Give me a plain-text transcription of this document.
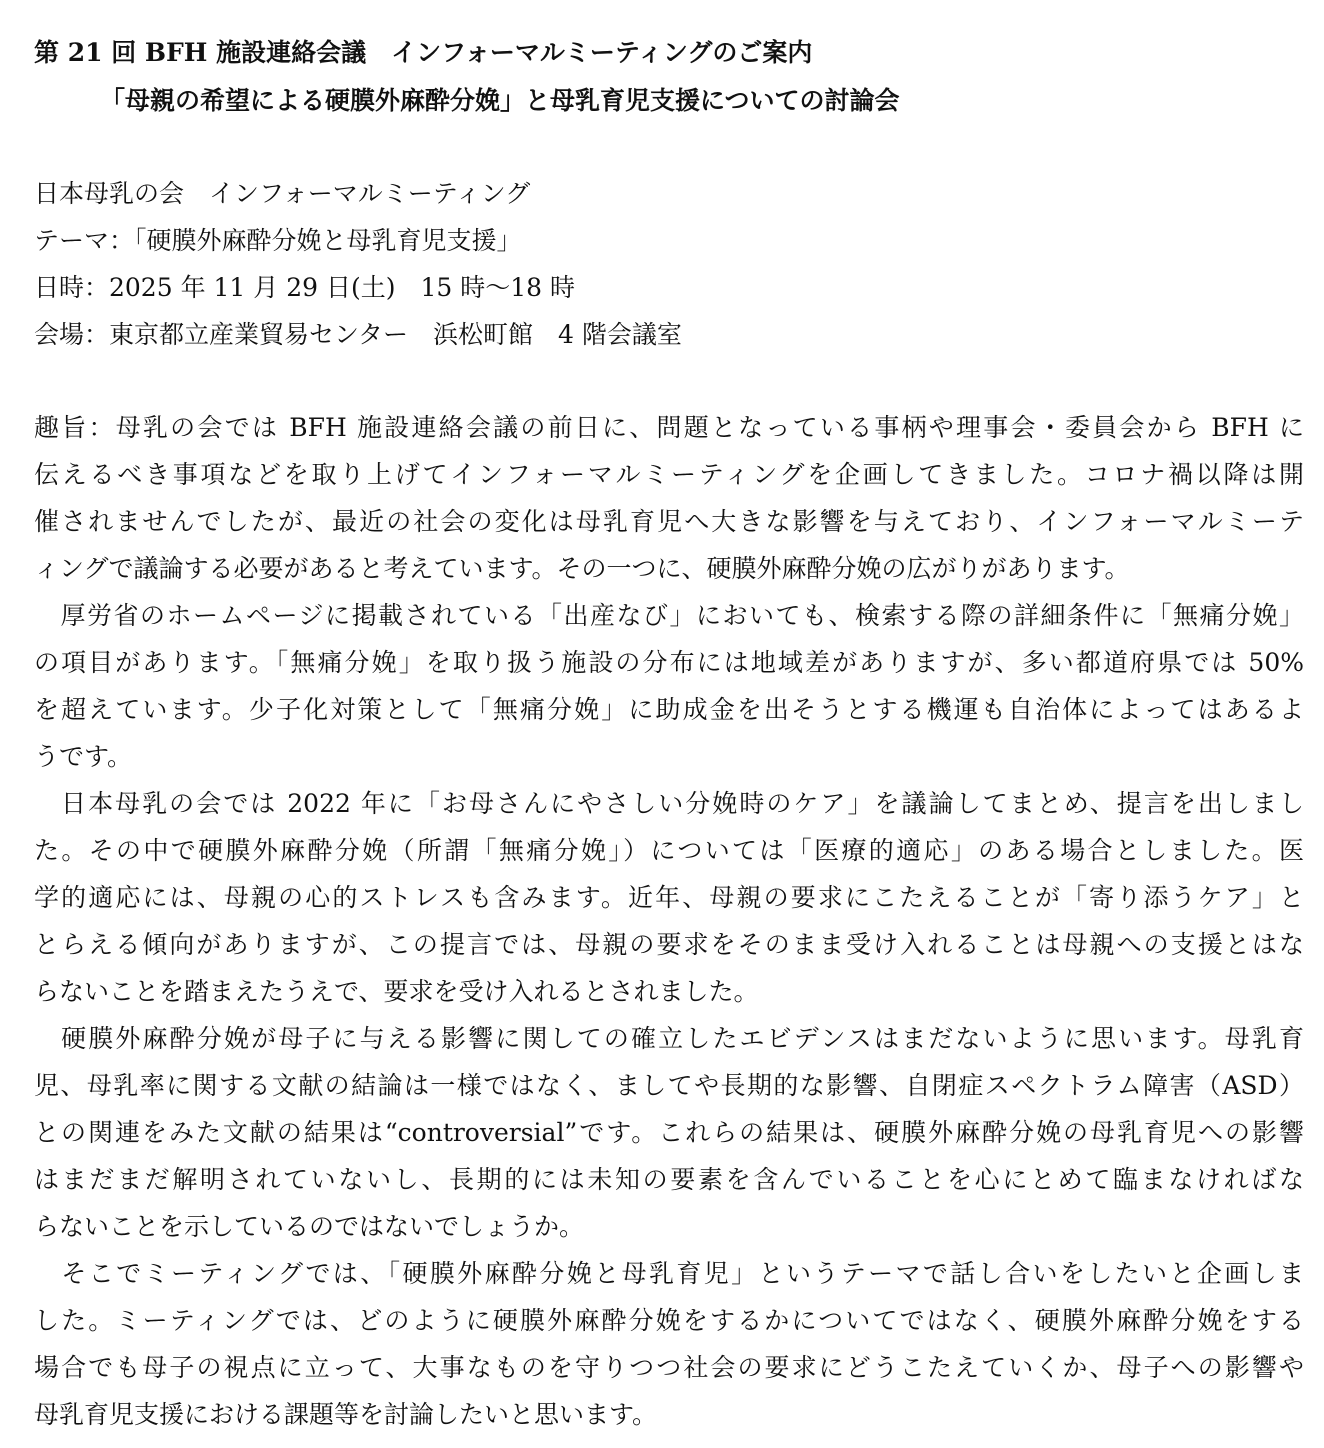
第 21 回 BFH 施設連絡会議　インフォーマルミーティングのご案内
「母親の希望による硬膜外麻酔分娩」と母乳育児支援についての討論会
日本母乳の会　インフォーマルミーティング
テーマ：「硬膜外麻酔分娩と母乳育児支援」
日時：2025 年 11 月 29 日(土)　15 時～18 時
会場：東京都立産業貿易センター　浜松町館　4 階会議室
趣旨：母乳の会では BFH 施設連絡会議の前日に、問題となっている事柄や理事会・委員会から BFH に
伝えるべき事項などを取り上げてインフォーマルミーティングを企画してきました。コロナ禍以降は開
催されませんでしたが、最近の社会の変化は母乳育児へ大きな影響を与えており、インフォーマルミーテ
ィングで議論する必要があると考えています。その一つに、硬膜外麻酔分娩の広がりがあります。
　厚労省のホームページに掲載されている「出産なび」においても、検索する際の詳細条件に「無痛分娩」
の項目があります。「無痛分娩」を取り扱う施設の分布には地域差がありますが、多い都道府県では 50%
を超えています。少子化対策として「無痛分娩」に助成金を出そうとする機運も自治体によってはあるよ
うです。
　日本母乳の会では 2022 年に「お母さんにやさしい分娩時のケア」を議論してまとめ、提言を出しまし
た。その中で硬膜外麻酔分娩（所謂「無痛分娩」）については「医療的適応」のある場合としました。医
学的適応には、母親の心的ストレスも含みます。近年、母親の要求にこたえることが「寄り添うケア」と
とらえる傾向がありますが、この提言では、母親の要求をそのまま受け入れることは母親への支援とはな
らないことを踏まえたうえで、要求を受け入れるとされました。
　硬膜外麻酔分娩が母子に与える影響に関しての確立したエビデンスはまだないように思います。母乳育
児、母乳率に関する文献の結論は一様ではなく、ましてや長期的な影響、自閉症スペクトラム障害（ASD）
との関連をみた文献の結果は“controversial”です。これらの結果は、硬膜外麻酔分娩の母乳育児への影響
はまだまだ解明されていないし、長期的には未知の要素を含んでいることを心にとめて臨まなければな
らないことを示しているのではないでしょうか。
　そこでミーティングでは、「硬膜外麻酔分娩と母乳育児」というテーマで話し合いをしたいと企画しま
した。ミーティングでは、どのように硬膜外麻酔分娩をするかについてではなく、硬膜外麻酔分娩をする
場合でも母子の視点に立って、大事なものを守りつつ社会の要求にどうこたえていくか、母子への影響や
母乳育児支援における課題等を討論したいと思います。
